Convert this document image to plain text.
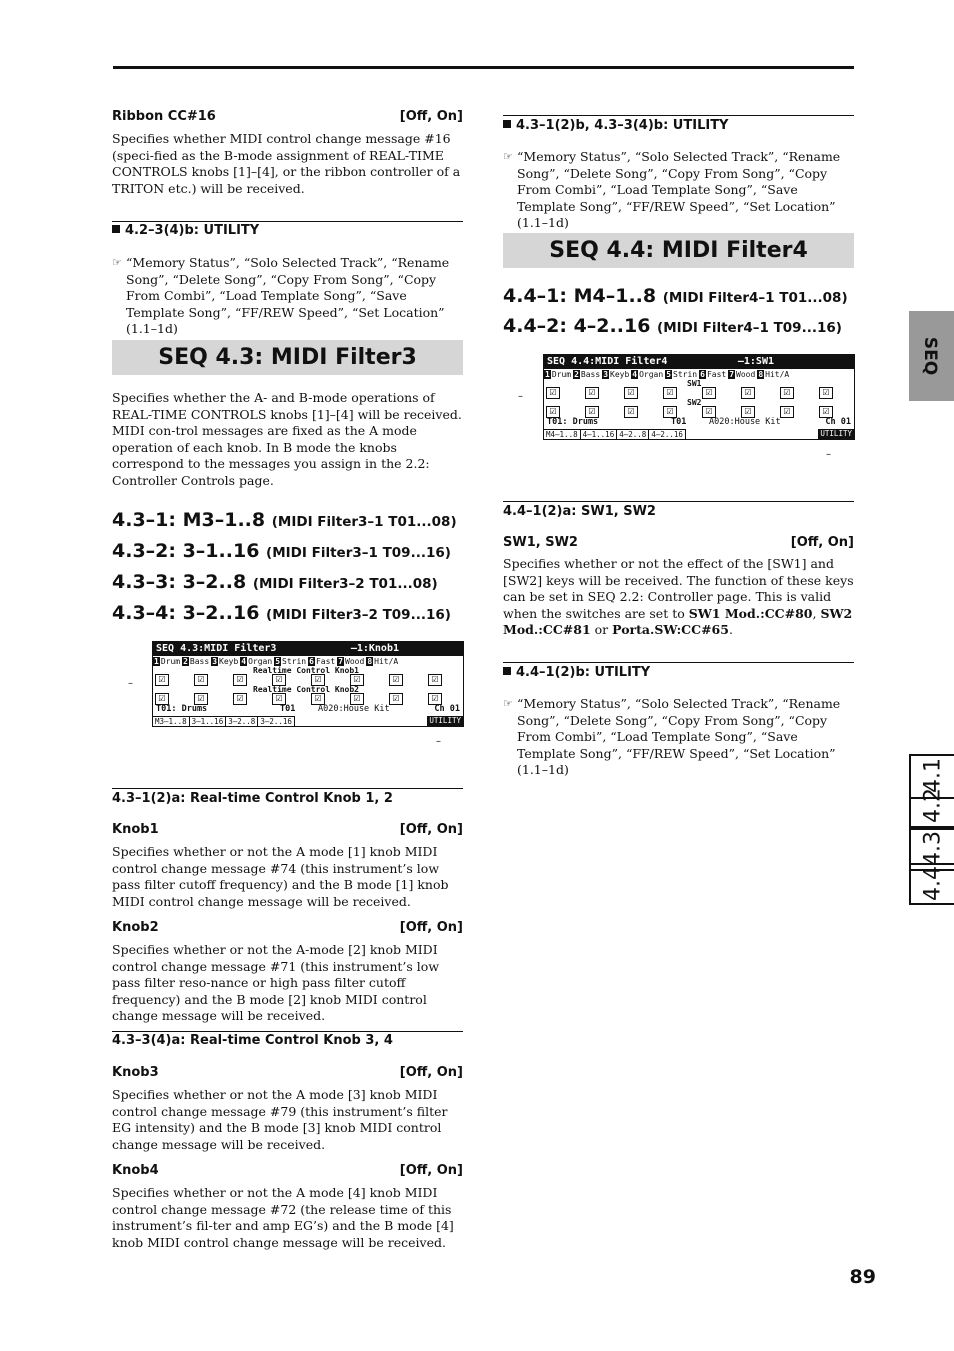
Ribbon CC#16	[Off, On]

Specifies whether MIDI control change message #16 (speci-fied as the B-mode assignment of REAL-TIME CONTROLS knobs [1]–[4], or the ribbon controller of a TRITON etc.) will be received.

4.2–3(4)b: UTILITY
☞ “Memory Status”, “Solo Selected Track”, “Rename Song”, “Delete Song”, “Copy From Song”, “Copy From Combi”, “Load Template Song”, “Save Template Song”, “FF/REW Speed”, “Set Location” (1.1–1d)
SEQ 4.3: MIDI Filter3

Specifies whether the A- and B-mode operations of REAL-TIME CONTROLS knobs [1]–[4] will be received. MIDI con-trol messages are fixed as the A mode operation of each knob. In B mode the knobs correspond to the messages you assign in the 2.2: Controller Controls page.

4.3–1: M3–1..8 (MIDI Filter3–1 T01...08)
4.3–2: 3–1..16 (MIDI Filter3–1 T09...16)
4.3–3: 3–2..8 (MIDI Filter3–2 T01...08)
4.3–4: 3–2..16 (MIDI Filter3–2 T09...16)
SEQ 4.3:MIDI Filter3	–1:Knob1
1 Drum 2 Bass 3 Keyb 4 Organ 5 Strin 6 Fast 7 Wood 8 Hit/A
Realtime Control Knob1
☑	☑	☑	☑	☑	☑	☑	☑
Realtime Control Knob2
☑	☑	☑	☑	☑	☑	☑	☑
T01: Drums	T01	A020:House Kit	Ch 01
M3–1..8 3–1..16 3–2..8 3–2..16	UTILITY
–
–
4.3–1(2)a: Real-time Control Knob 1, 2
Knob1	[Off, On]

Specifies whether or not the A mode [1] knob MIDI control change message #74 (this instrument’s low pass filter cutoff frequency) and the B mode [1] knob MIDI control change message will be received.

Knob2	[Off, On]

Specifies whether or not the A-mode [2] knob MIDI control change message #71 (this instrument’s low pass filter reso-nance or high pass filter cutoff frequency) and the B mode [2] knob MIDI control change message will be received.

4.3–3(4)a: Real-time Control Knob 3, 4
Knob3	[Off, On]

Specifies whether or not the A mode [3] knob MIDI control change message #79 (this instrument’s filter EG intensity) and the B mode [3] knob MIDI control change message will be received.

Knob4	[Off, On]

Specifies whether or not the A mode [4] knob MIDI control change message #72 (the release time of this instrument’s fil-ter and amp EG’s) and the B mode [4] knob MIDI control change message will be received.

4.3–1(2)b, 4.3–3(4)b: UTILITY
☞ “Memory Status”, “Solo Selected Track”, “Rename Song”, “Delete Song”, “Copy From Song”, “Copy From Combi”, “Load Template Song”, “Save Template Song”, “FF/REW Speed”, “Set Location” (1.1–1d)
SEQ 4.4: MIDI Filter4
4.4–1: M4–1..8 (MIDI Filter4–1 T01...08)
4.4–2: 4–2..16 (MIDI Filter4–1 T09...16)
SEQ 4.4:MIDI Filter4	–1:SW1
1 Drum 2 Bass 3 Keyb 4 Organ 5 Strin 6 Fast 7 Wood 8 Hit/A
SW1
☑	☑	☑	☑	☑	☑	☑	☑
SW2
☑	☑	☑	☑	☑	☑	☑	☑
T01: Drums	T01	A020:House Kit	Ch 01
M4–1..8 4–1..16 4–2..8 4–2..16	UTILITY
–
–
4.4–1(2)a: SW1, SW2
SW1, SW2	[Off, On]

Specifies whether or not the effect of the [SW1] and [SW2] keys will be received. The function of these keys can be set in SEQ 2.2: Controller page. This is valid when the switches are set to SW1 Mod.:CC#80, SW2 Mod.:CC#81 or Porta.SW:CC#65.

4.4–1(2)b: UTILITY
☞ “Memory Status”, “Solo Selected Track”, “Rename Song”, “Delete Song”, “Copy From Song”, “Copy From Combi”, “Load Template Song”, “Save Template Song”, “FF/REW Speed”, “Set Location” (1.1–1d)
SEQ
4.1
4.2
4.3
4.4
89
